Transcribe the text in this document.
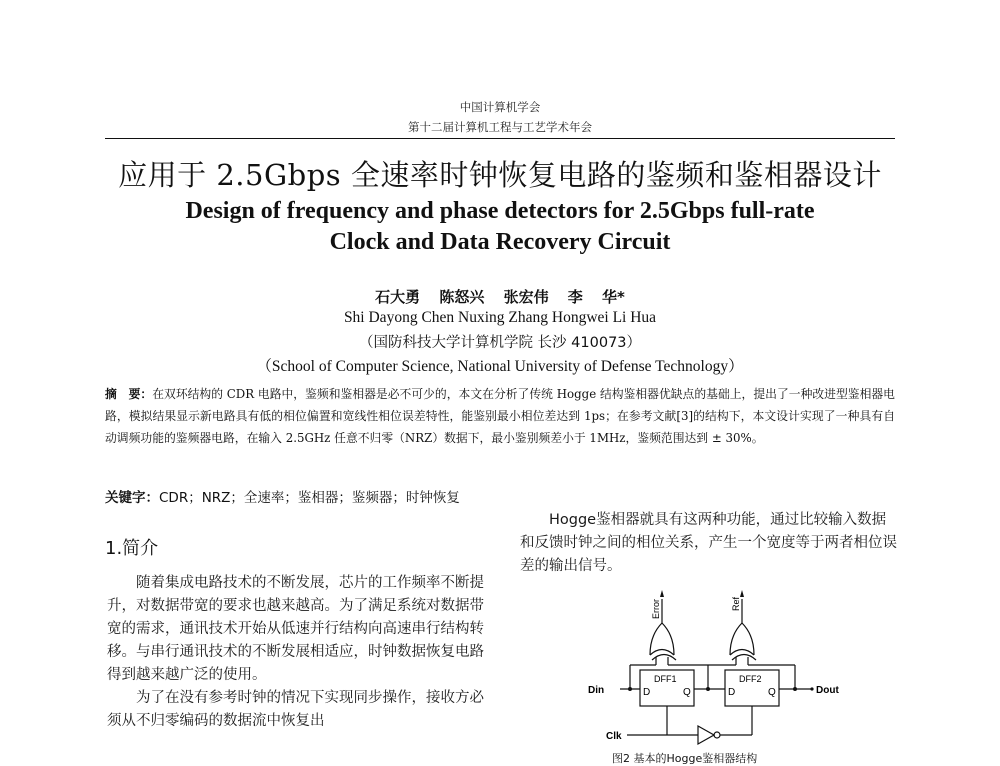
中国计算机学会
第十二届计算机工程与工艺学术年会
应用于 2.5Gbps 全速率时钟恢复电路的鉴频和鉴相器设计
Design of frequency and phase detectors for 2.5Gbps full-rate
Clock and Data Recovery Circuit
石大勇 陈怒兴 张宏伟 李 华*
Shi Dayong Chen Nuxing Zhang Hongwei Li Hua
（国防科技大学计算机学院 长沙 410073）
（School of Computer Science, National University of Defense Technology）
摘　要：在双环结构的 CDR 电路中，鉴频和鉴相器是必不可少的，本文在分析了传统 Hogge 结构鉴相器优缺点的基础上，提出了一种改进型鉴相器电路，模拟结果显示新电路具有低的相位偏置和宽线性相位误差特性，能鉴别最小相位差达到 1ps；在参考文献[3]的结构下，本文设计实现了一种具有自动调频功能的鉴频器电路，在输入 2.5GHz 任意不归零（NRZ）数据下，最小鉴别频差小于 1MHz，鉴频范围达到 ± 30%。
关键字：CDR；NRZ；全速率；鉴相器；鉴频器；时钟恢复
1.简介
随着集成电路技术的不断发展，芯片的工作频率不断提升，对数据带宽的要求也越来越高。为了满足系统对数据带宽的需求，通讯技术开始从低速并行结构向高速串行结构转移。与串行通讯技术的不断发展相适应，时钟数据恢复电路得到越来越广泛的使用。
为了在没有参考时钟的情况下实现同步操作，接收方必须从不归零编码的数据流中恢复出
Hogge鉴相器就具有这两种功能，通过比较输入数据和反馈时钟之间的相位关系，产生一个宽度等于两者相位误差的输出信号。
Error	Ref
Din	Dout
Clk
DFF1	DFF2
D	Q	D	Q
图2 基本的Hogge鉴相器结构
